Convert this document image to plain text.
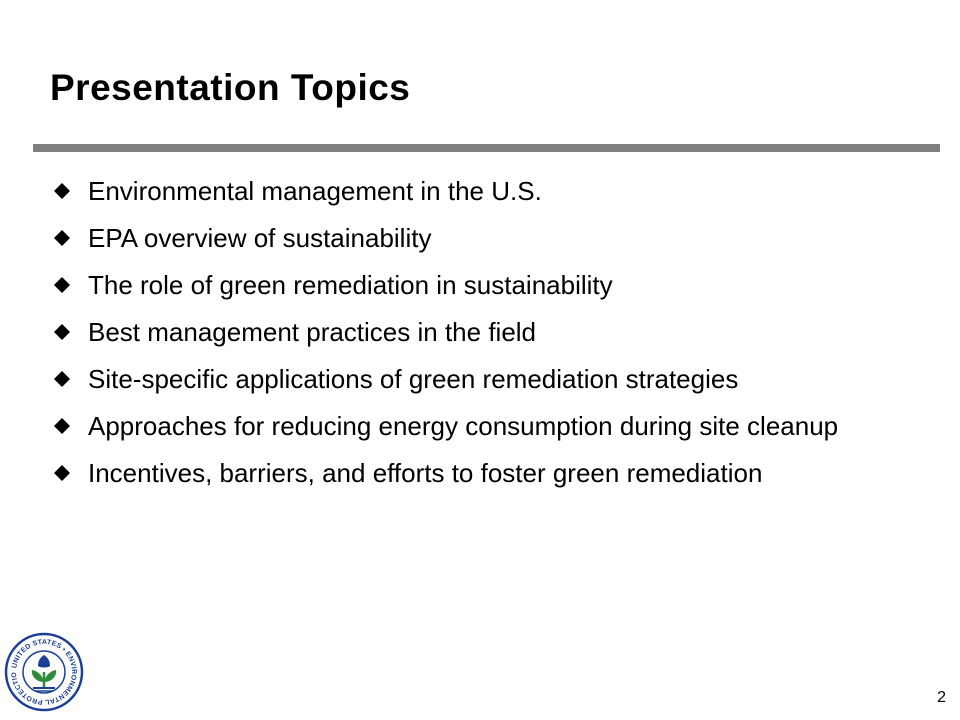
Presentation Topics
Environmental management in the U.S.
EPA overview of sustainability
The role of green remediation in sustainability
Best management practices in the field
Site-specific applications of green remediation strategies
Approaches for reducing energy consumption during site cleanup
Incentives, barriers, and efforts to foster green remediation
UNITED STATES • ENVIRONMENTAL PROTECTIO
2
